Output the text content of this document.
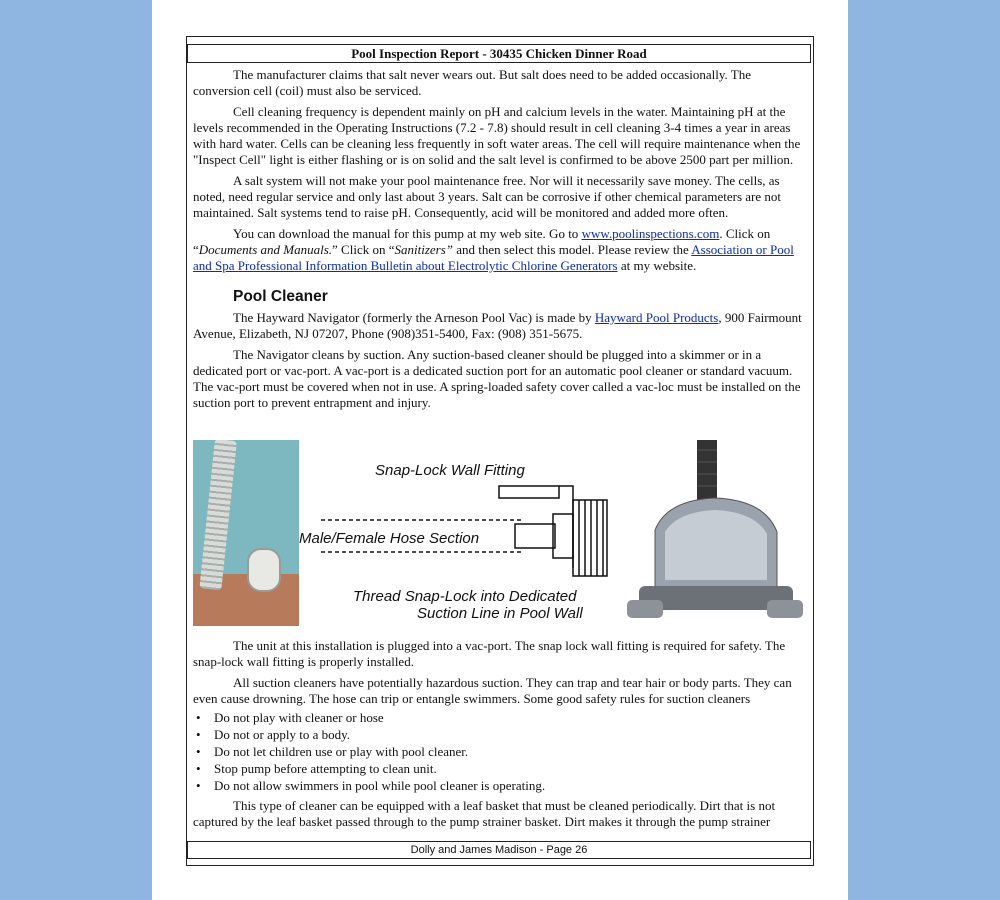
Pool Inspection Report - 30435 Chicken Dinner Road

The manufacturer claims that salt never wears out. But salt does need to be added occasionally. The conversion cell (coil) must also be serviced.

Cell cleaning frequency is dependent mainly on pH and calcium levels in the water. Maintaining pH at the levels recommended in the Operating Instructions (7.2 - 7.8) should result in cell cleaning 3-4 times a year in areas with hard water. Cells can be cleaning less frequently in soft water areas. The cell will require maintenance when the "Inspect Cell" light is either flashing or is on solid and the salt level is confirmed to be above 2500 part per million.

A salt system will not make your pool maintenance free. Nor will it necessarily save money. The cells, as noted, need regular service and only last about 3 years. Salt can be corrosive if other chemical parameters are not maintained. Salt systems tend to raise pH. Consequently, acid will be monitored and added more often.

You can download the manual for this pump at my web site. Go to www.poolinspections.com. Click on “Documents and Manuals.” Click on “Sanitizers” and then select this model. Please review the Association or Pool and Spa Professional Information Bulletin about Electrolytic Chlorine Generators at my website.

Pool Cleaner

The Hayward Navigator (formerly the Arneson Pool Vac) is made by Hayward Pool Products, 900 Fairmount Avenue, Elizabeth, NJ 07207, Phone (908)351-5400, Fax: (908) 351-5675.

The Navigator cleans by suction. Any suction-based cleaner should be plugged into a skimmer or in a dedicated port or vac-port. A vac-port is a dedicated suction port for an automatic pool cleaner or standard vacuum. The vac-port must be covered when not in use. A spring-loaded safety cover called a vac-loc must be installed on the suction port to prevent entrapment and injury.

Snap-Lock Wall Fitting
Male/Female Hose Section
Thread Snap-Lock into Dedicated
Suction Line in Pool Wall

The unit at this installation is plugged into a vac-port. The snap lock wall fitting is required for safety. The snap-lock wall fitting is properly installed.

All suction cleaners have potentially hazardous suction. They can trap and tear hair or body parts. They can even cause drowning. The hose can trip or entangle swimmers. Some good safety rules for suction cleaners

• Do not play with cleaner or hose
• Do not or apply to a body.
• Do not let children use or play with pool cleaner.
• Stop pump before attempting to clean unit.
• Do not allow swimmers in pool while pool cleaner is operating.

This type of cleaner can be equipped with a leaf basket that must be cleaned periodically. Dirt that is not captured by the leaf basket passed through to the pump strainer basket. Dirt makes it through the pump strainer

Dolly and James Madison - Page 26
